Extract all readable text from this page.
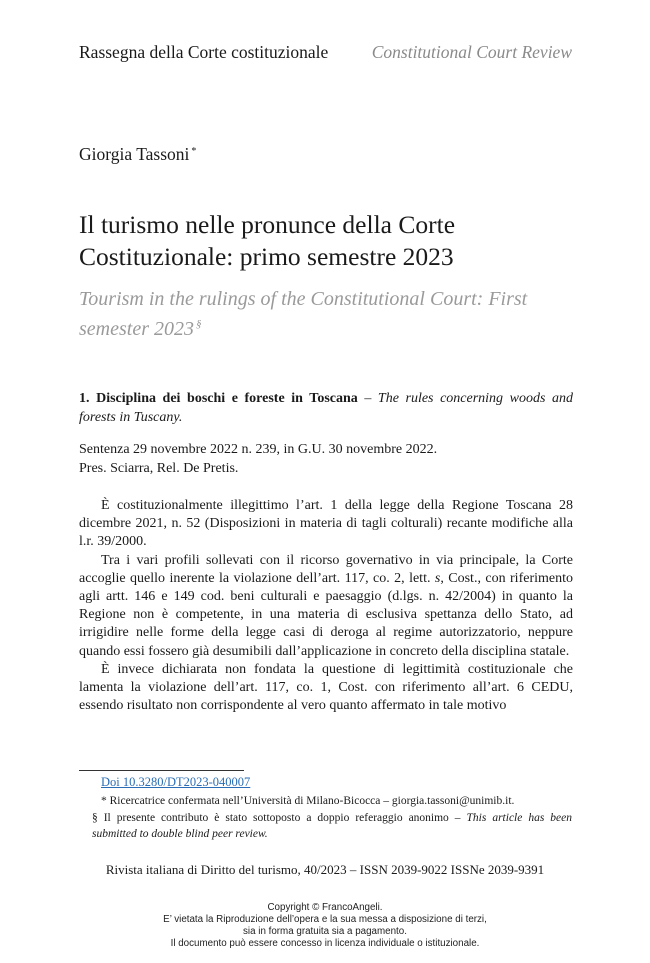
Rassegna della Corte costituzionale Constitutional Court Review
Giorgia Tassoni *
Il turismo nelle pronunce della Corte Costituzionale: primo semestre 2023
Tourism in the rulings of the Constitutional Court: First semester 2023 §
1. Disciplina dei boschi e foreste in Toscana – The rules concerning woods and forests in Tuscany.
Sentenza 29 novembre 2022 n. 239, in G.U. 30 novembre 2022.
Pres. Sciarra, Rel. De Pretis.

È costituzionalmente illegittimo l’art. 1 della legge della Regione Toscana 28 dicembre 2021, n. 52 (Disposizioni in materia di tagli colturali) recante modifiche alla l.r. 39/2000.

Tra i vari profili sollevati con il ricorso governativo in via principale, la Corte accoglie quello inerente la violazione dell’art. 117, co. 2, lett. s, Cost., con riferimento agli artt. 146 e 149 cod. beni culturali e paesaggio (d.lgs. n. 42/2004) in quanto la Regione non è competente, in una materia di esclusiva spettanza dello Stato, ad irrigidire nelle forme della legge casi di deroga al regime autorizzatorio, neppure quando essi fossero già desumibili dall’applicazione in concreto della disciplina statale.

È invece dichiarata non fondata la questione di legittimità costituzionale che lamenta la violazione dell’art. 117, co. 1, Cost. con riferimento all’art. 6 CEDU, essendo risultato non corrispondente al vero quanto affermato in tale motivo

Doi 10.3280/DT2023-040007
* Ricercatrice confermata nell’Università di Milano-Bicocca – giorgia.tassoni@unimib.it.
§ Il presente contributo è stato sottoposto a doppio referaggio anonimo – This article has been submitted to double blind peer review.
Rivista italiana di Diritto del turismo, 40/2023 – ISSN 2039-9022 ISSNe 2039-9391
Copyright © FrancoAngeli.
E’ vietata la Riproduzione dell’opera e la sua messa a disposizione di terzi,
sia in forma gratuita sia a pagamento.
Il documento può essere concesso in licenza individuale o istituzionale.
